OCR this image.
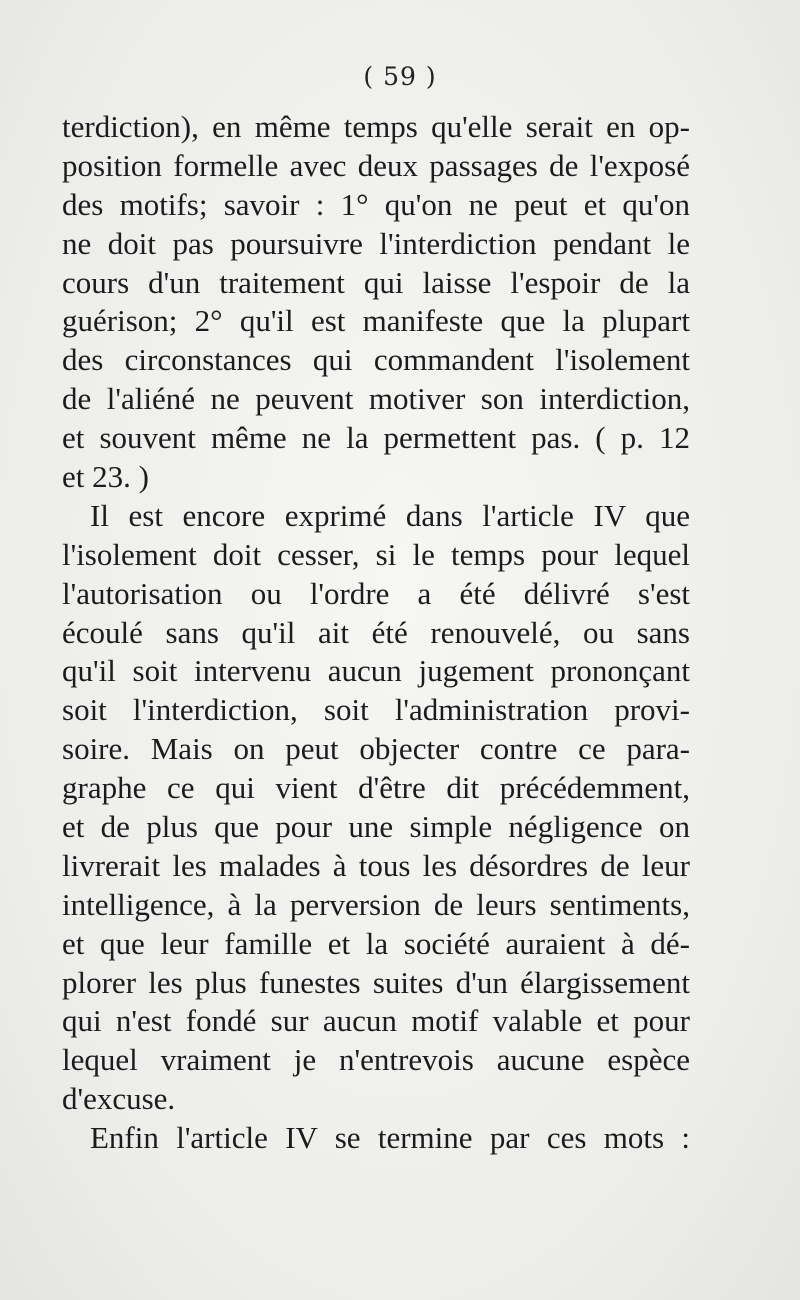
( 59 )
terdiction), en même temps qu'elle serait en op-
position formelle avec deux passages de l'exposé
des motifs; savoir : 1° qu'on ne peut et qu'on
ne doit pas poursuivre l'interdiction pendant le
cours d'un traitement qui laisse l'espoir de la
guérison; 2° qu'il est manifeste que la plupart
des circonstances qui commandent l'isolement
de l'aliéné ne peuvent motiver son interdiction,
et souvent même ne la permettent pas. ( p. 12
et 23. )
Il est encore exprimé dans l'article IV que
l'isolement doit cesser, si le temps pour lequel
l'autorisation ou l'ordre a été délivré s'est
écoulé sans qu'il ait été renouvelé, ou sans
qu'il soit intervenu aucun jugement prononçant
soit l'interdiction, soit l'administration provi-
soire. Mais on peut objecter contre ce para-
graphe ce qui vient d'être dit précédemment,
et de plus que pour une simple négligence on
livrerait les malades à tous les désordres de leur
intelligence, à la perversion de leurs sentiments,
et que leur famille et la société auraient à dé-
plorer les plus funestes suites d'un élargissement
qui n'est fondé sur aucun motif valable et pour
lequel vraiment je n'entrevois aucune espèce
d'excuse.
Enfin l'article IV se termine par ces mots :
